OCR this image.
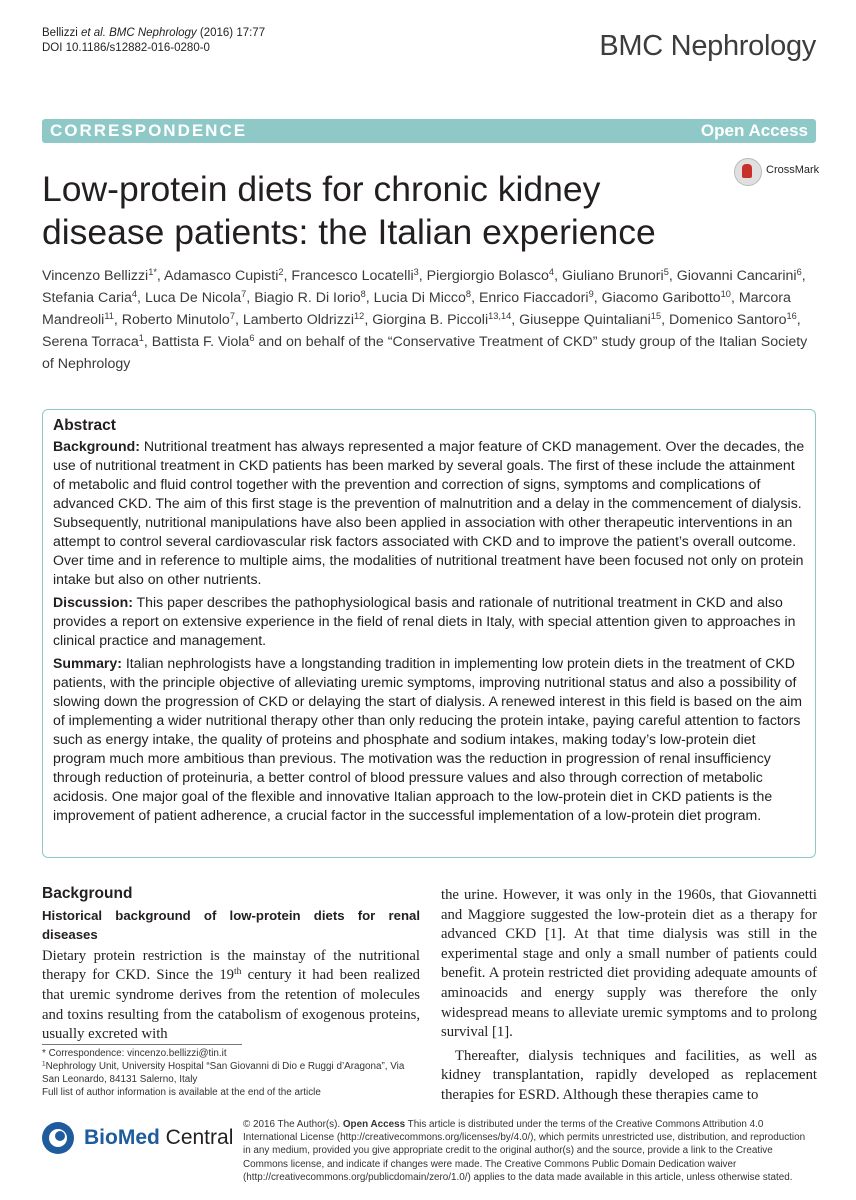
Bellizzi et al. BMC Nephrology (2016) 17:77
DOI 10.1186/s12882-016-0280-0	BMC Nephrology
CORRESPONDENCE	Open Access
CrossMark
Low-protein diets for chronic kidney disease patients: the Italian experience

Vincenzo Bellizzi$^{1*}$, Adamasco Cupisti$^2$, Francesco Locatelli$^3$, Piergiorgio Bolasco$^4$, Giuliano Brunori$^5$, Giovanni Cancarini$^6$, Stefania Caria$^4$, Luca De Nicola$^7$, Biagio R. Di Iorio$^8$, Lucia Di Micco$^8$, Enrico Fiaccadori$^9$, Giacomo Garibotto$^{10}$, Marcora Mandreoli$^{11}$, Roberto Minutolo$^7$, Lamberto Oldrizzi$^{12}$, Giorgina B. Piccoli$^{13,14}$, Giuseppe Quintaliani$^{15}$, Domenico Santoro$^{16}$, Serena Torraca$^1$, Battista F. Viola$^6$ and on behalf of the “Conservative Treatment of CKD” study group of the Italian Society of Nephrology

Abstract

Background: Nutritional treatment has always represented a major feature of CKD management. Over the decades, the use of nutritional treatment in CKD patients has been marked by several goals. The first of these include the attainment of metabolic and fluid control together with the prevention and correction of signs, symptoms and complications of advanced CKD. The aim of this first stage is the prevention of malnutrition and a delay in the commencement of dialysis. Subsequently, nutritional manipulations have also been applied in association with other therapeutic interventions in an attempt to control several cardiovascular risk factors associated with CKD and to improve the patient’s overall outcome. Over time and in reference to multiple aims, the modalities of nutritional treatment have been focused not only on protein intake but also on other nutrients.

Discussion: This paper describes the pathophysiological basis and rationale of nutritional treatment in CKD and also provides a report on extensive experience in the field of renal diets in Italy, with special attention given to approaches in clinical practice and management.

Summary: Italian nephrologists have a longstanding tradition in implementing low protein diets in the treatment of CKD patients, with the principle objective of alleviating uremic symptoms, improving nutritional status and also a possibility of slowing down the progression of CKD or delaying the start of dialysis. A renewed interest in this field is based on the aim of implementing a wider nutritional therapy other than only reducing the protein intake, paying careful attention to factors such as energy intake, the quality of proteins and phosphate and sodium intakes, making today’s low-protein diet program much more ambitious than previous. The motivation was the reduction in progression of renal insufficiency through reduction of proteinuria, a better control of blood pressure values and also through correction of metabolic acidosis. One major goal of the flexible and innovative Italian approach to the low-protein diet in CKD patients is the improvement of patient adherence, a crucial factor in the successful implementation of a low-protein diet program.

Background
Historical background of low-protein diets for renal diseases

Dietary protein restriction is the mainstay of the nutritional therapy for CKD. Since the 19th century it had been realized that uremic syndrome derives from the retention of molecules and toxins resulting from the catabolism of exogenous proteins, usually excreted with

the urine. However, it was only in the 1960s, that Giovannetti and Maggiore suggested the low-protein diet as a therapy for advanced CKD [1]. At that time dialysis was still in the experimental stage and only a small number of patients could benefit. A protein restricted diet providing adequate amounts of aminoacids and energy supply was therefore the only widespread means to alleviate uremic symptoms and to prolong survival [1].

Thereafter, dialysis techniques and facilities, as well as kidney transplantation, rapidly developed as replacement therapies for ESRD. Although these therapies came to

* Correspondence: vincenzo.bellizzi@tin.it

$^1$Nephrology Unit, University Hospital “San Giovanni di Dio e Ruggi d’Aragona”, Via San Leonardo, 84131 Salerno, Italy

Full list of author information is available at the end of the article

BioMed Central
© 2016 The Author(s). Open Access This article is distributed under the terms of the Creative Commons Attribution 4.0 International License (http://creativecommons.org/licenses/by/4.0/), which permits unrestricted use, distribution, and reproduction in any medium, provided you give appropriate credit to the original author(s) and the source, provide a link to the Creative Commons license, and indicate if changes were made. The Creative Commons Public Domain Dedication waiver (http://creativecommons.org/publicdomain/zero/1.0/) applies to the data made available in this article, unless otherwise stated.
